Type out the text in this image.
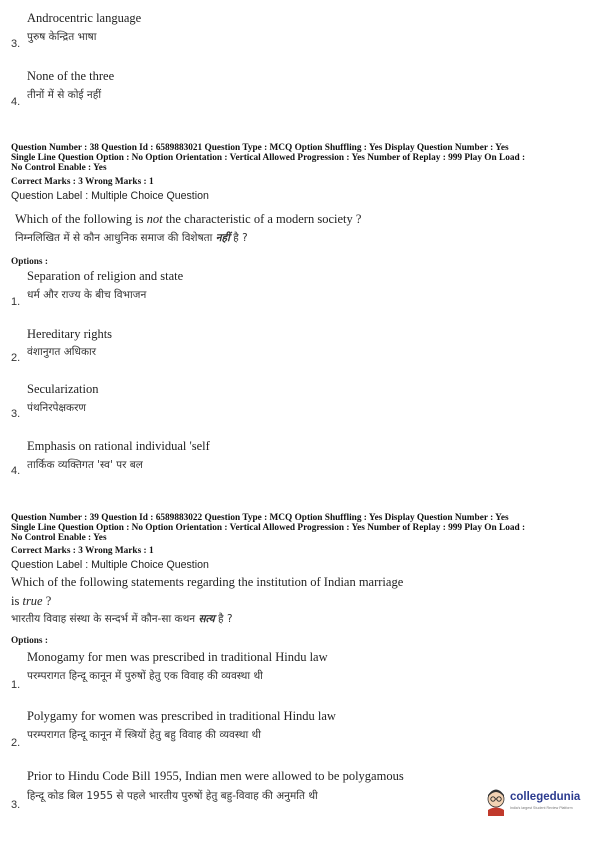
Androcentric language
पुरुष केन्द्रित भाषा
3.
None of the three
तीनों में से कोई नहीं
4.
Question Number : 38 Question Id : 6589883021 Question Type : MCQ Option Shuffling : Yes Display Question Number : Yes
Single Line Question Option : No Option Orientation : Vertical Allowed Progression : Yes Number of Replay : 999 Play On Load :
No Control Enable : Yes
Correct Marks : 3 Wrong Marks : 1
Question Label : Multiple Choice Question
Which of the following is not the characteristic of a modern society ?
निम्नलिखित में से कौन आधुनिक समाज की विशेषता नहीं है ?
Options :
Separation of religion and state
धर्म और राज्य के बीच विभाजन
1.
Hereditary rights
वंशानुगत अधिकार
2.
Secularization
पंथनिरपेक्षकरण
3.
Emphasis on rational individual 'self
तार्किक व्यक्तिगत 'स्व' पर बल
4.
Question Number : 39 Question Id : 6589883022 Question Type : MCQ Option Shuffling : Yes Display Question Number : Yes
Single Line Question Option : No Option Orientation : Vertical Allowed Progression : Yes Number of Replay : 999 Play On Load :
No Control Enable : Yes
Correct Marks : 3 Wrong Marks : 1
Question Label : Multiple Choice Question
Which of the following statements regarding the institution of Indian marriage
is true ?
भारतीय विवाह संस्था के सन्दर्भ में कौन-सा कथन सत्य है ?
Options :
Monogamy for men was prescribed in traditional Hindu law
परम्परागत हिन्दू कानून में पुरुषों हेतु एक विवाह की व्यवस्था थी
1.
Polygamy for women was prescribed in traditional Hindu law
परम्परागत हिन्दू कानून में स्त्रियों हेतु बहु विवाह की व्यवस्था थी
2.
Prior to Hindu Code Bill 1955, Indian men were allowed to be polygamous
हिन्दू कोड बिल 1955 से पहले भारतीय पुरुषों हेतु बहु-विवाह की अनुमति थी
3.
collegedunia
India's largest Student Review Platform
